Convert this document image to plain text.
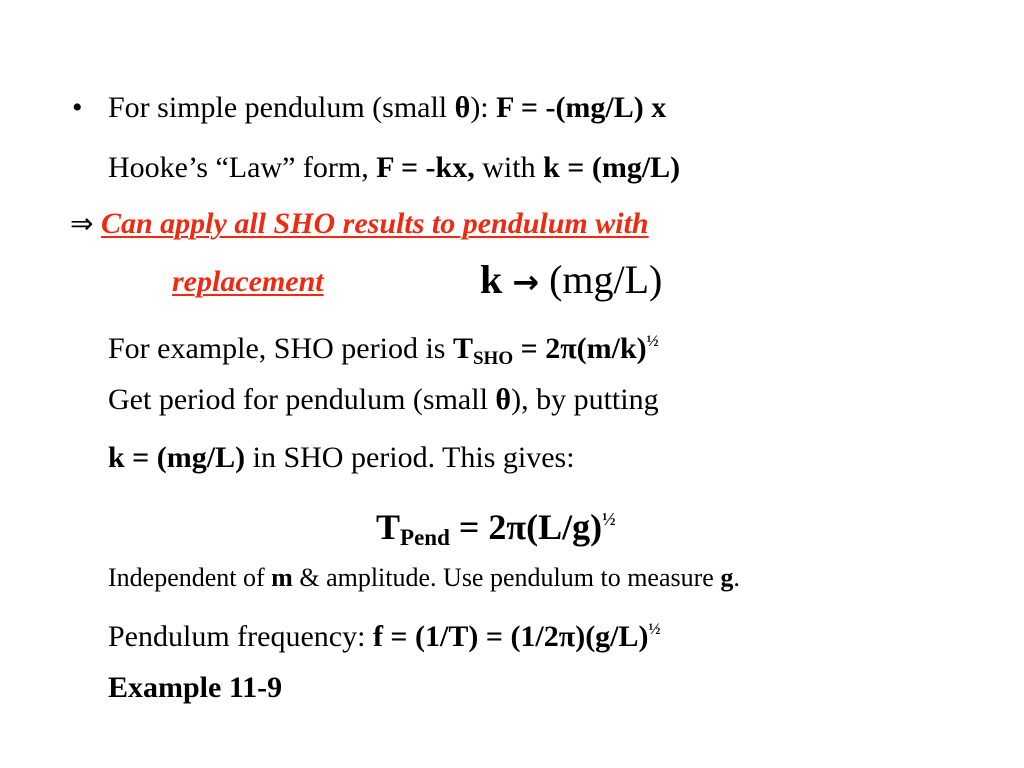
• For simple pendulum (small θ): F = -(mg/L) x
Hooke’s “Law” form, F = -kx, with k = (mg/L)
⇒ Can apply all SHO results to pendulum with
replacement	k → (mg/L)
For example, SHO period is $T_{SHO} = 2\pi(m/k)^{\frac{1}{2}}$
Get period for pendulum (small θ), by putting
k = (mg/L) in SHO period. This gives:
$T_{Pend} = 2\pi(L/g)^{\frac{1}{2}}$
Independent of m & amplitude. Use pendulum to measure g.
Pendulum frequency: $f = (1/T) = (1/2\pi)(g/L)^{\frac{1}{2}}$
Example 11-9
